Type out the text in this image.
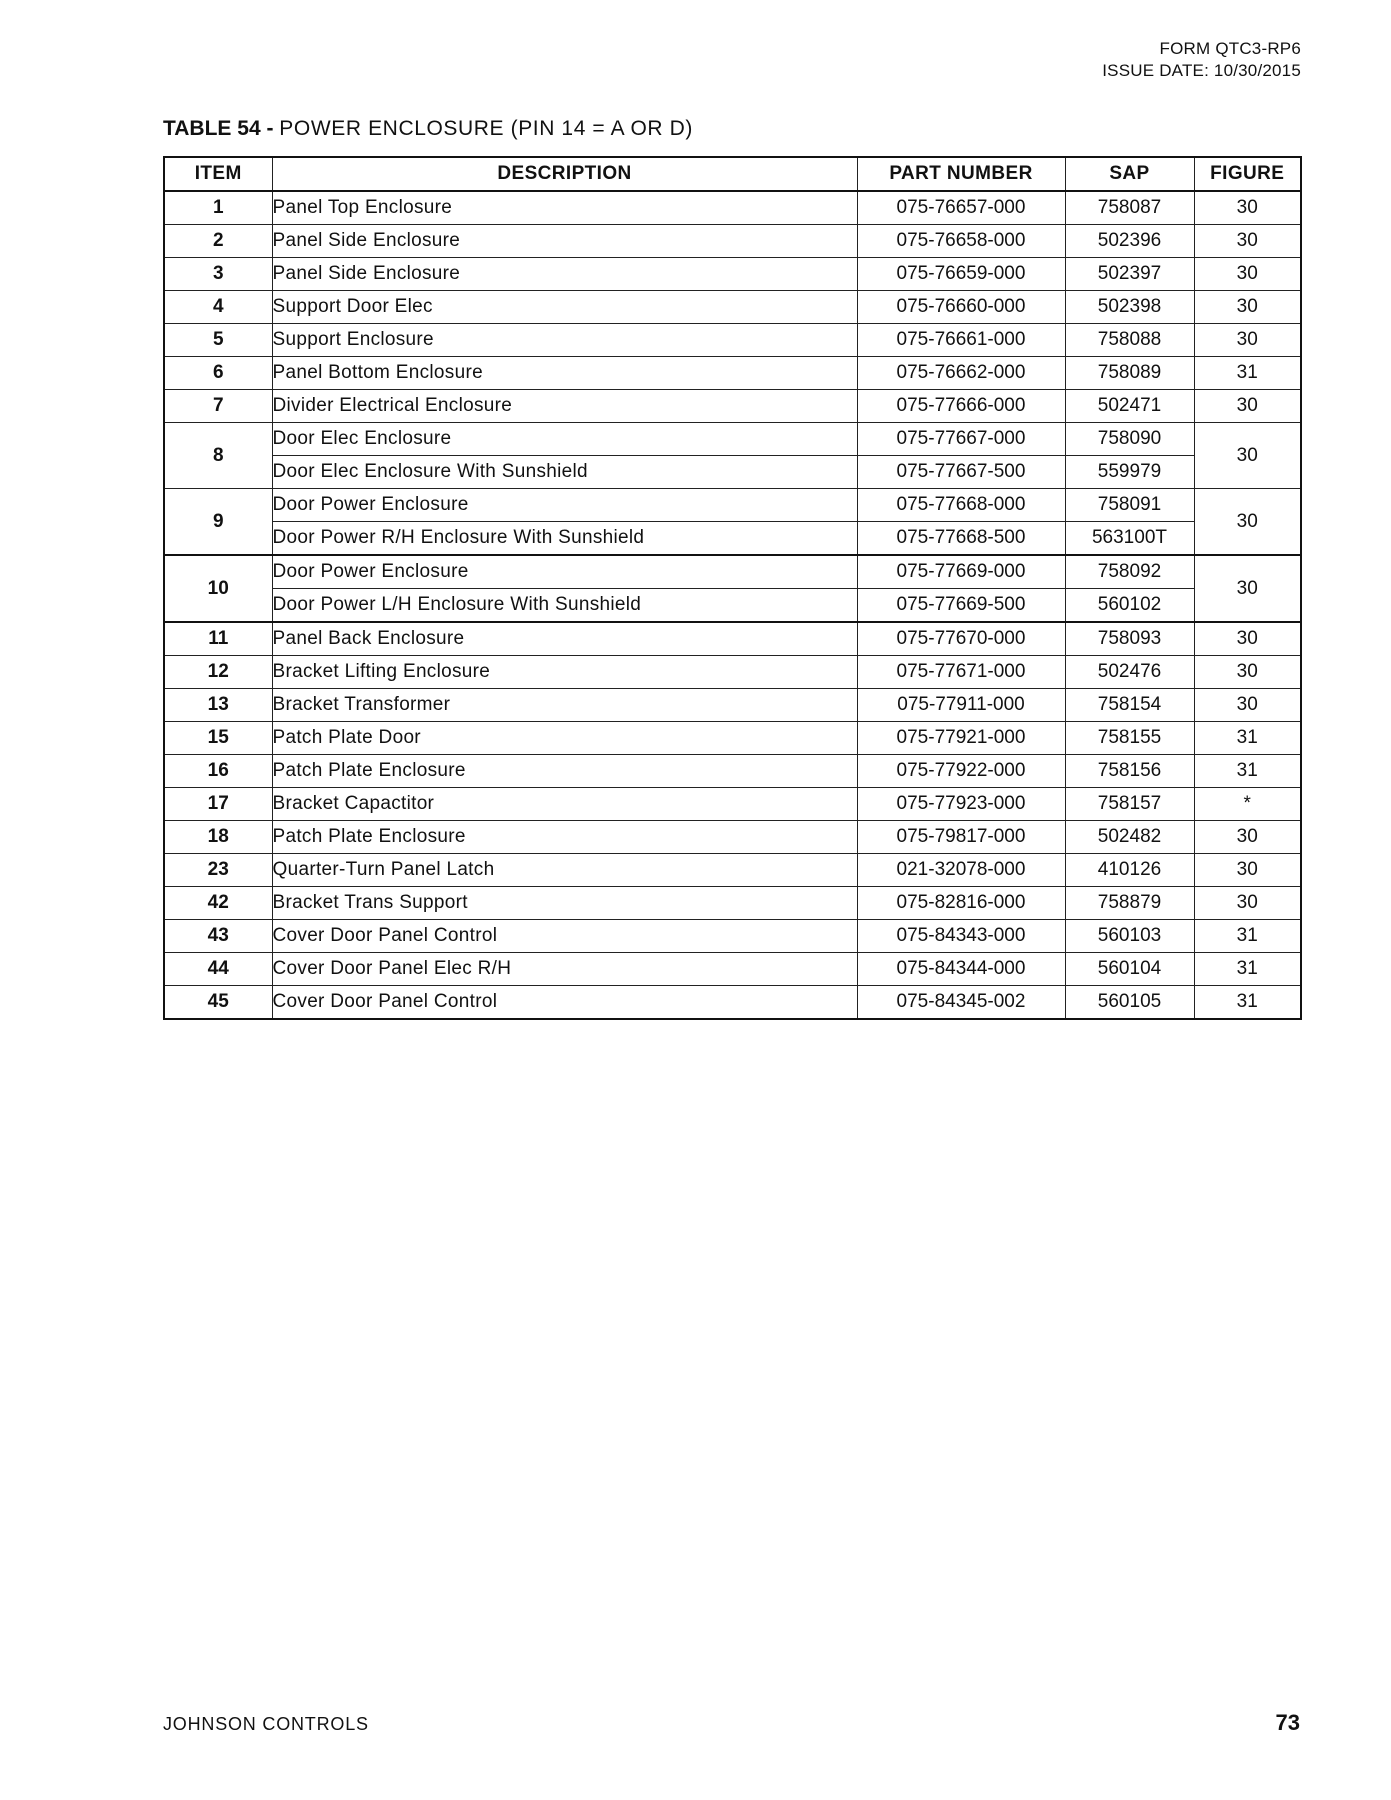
FORM QTC3-RP6
ISSUE DATE: 10/30/2015
TABLE 54 - POWER ENCLOSURE (PIN 14 = A OR D)
ITEM	DESCRIPTION	PART NUMBER	SAP	FIGURE
1	Panel Top Enclosure	075-76657-000	758087	30
2	Panel Side Enclosure	075-76658-000	502396	30
3	Panel Side Enclosure	075-76659-000	502397	30
4	Support Door Elec	075-76660-000	502398	30
5	Support Enclosure	075-76661-000	758088	30
6	Panel Bottom Enclosure	075-76662-000	758089	31
7	Divider Electrical Enclosure	075-77666-000	502471	30
8	Door Elec Enclosure	075-77667-000	758090	30
	Door Elec Enclosure With Sunshield	075-77667-500	559979	
9	Door Power Enclosure	075-77668-000	758091	30
	Door Power R/H Enclosure With Sunshield	075-77668-500	563100T	
10	Door Power Enclosure	075-77669-000	758092	30
	Door Power L/H Enclosure With Sunshield	075-77669-500	560102	
11	Panel Back Enclosure	075-77670-000	758093	30
12	Bracket Lifting Enclosure	075-77671-000	502476	30
13	Bracket Transformer	075-77911-000	758154	30
15	Patch Plate Door	075-77921-000	758155	31
16	Patch Plate Enclosure	075-77922-000	758156	31
17	Bracket Capactitor	075-77923-000	758157	*
18	Patch Plate Enclosure	075-79817-000	502482	30
23	Quarter-Turn Panel Latch	021-32078-000	410126	30
42	Bracket Trans Support	075-82816-000	758879	30
43	Cover Door Panel Control	075-84343-000	560103	31
44	Cover Door Panel Elec R/H	075-84344-000	560104	31
45	Cover Door Panel Control	075-84345-002	560105	31
JOHNSON CONTROLS	73
